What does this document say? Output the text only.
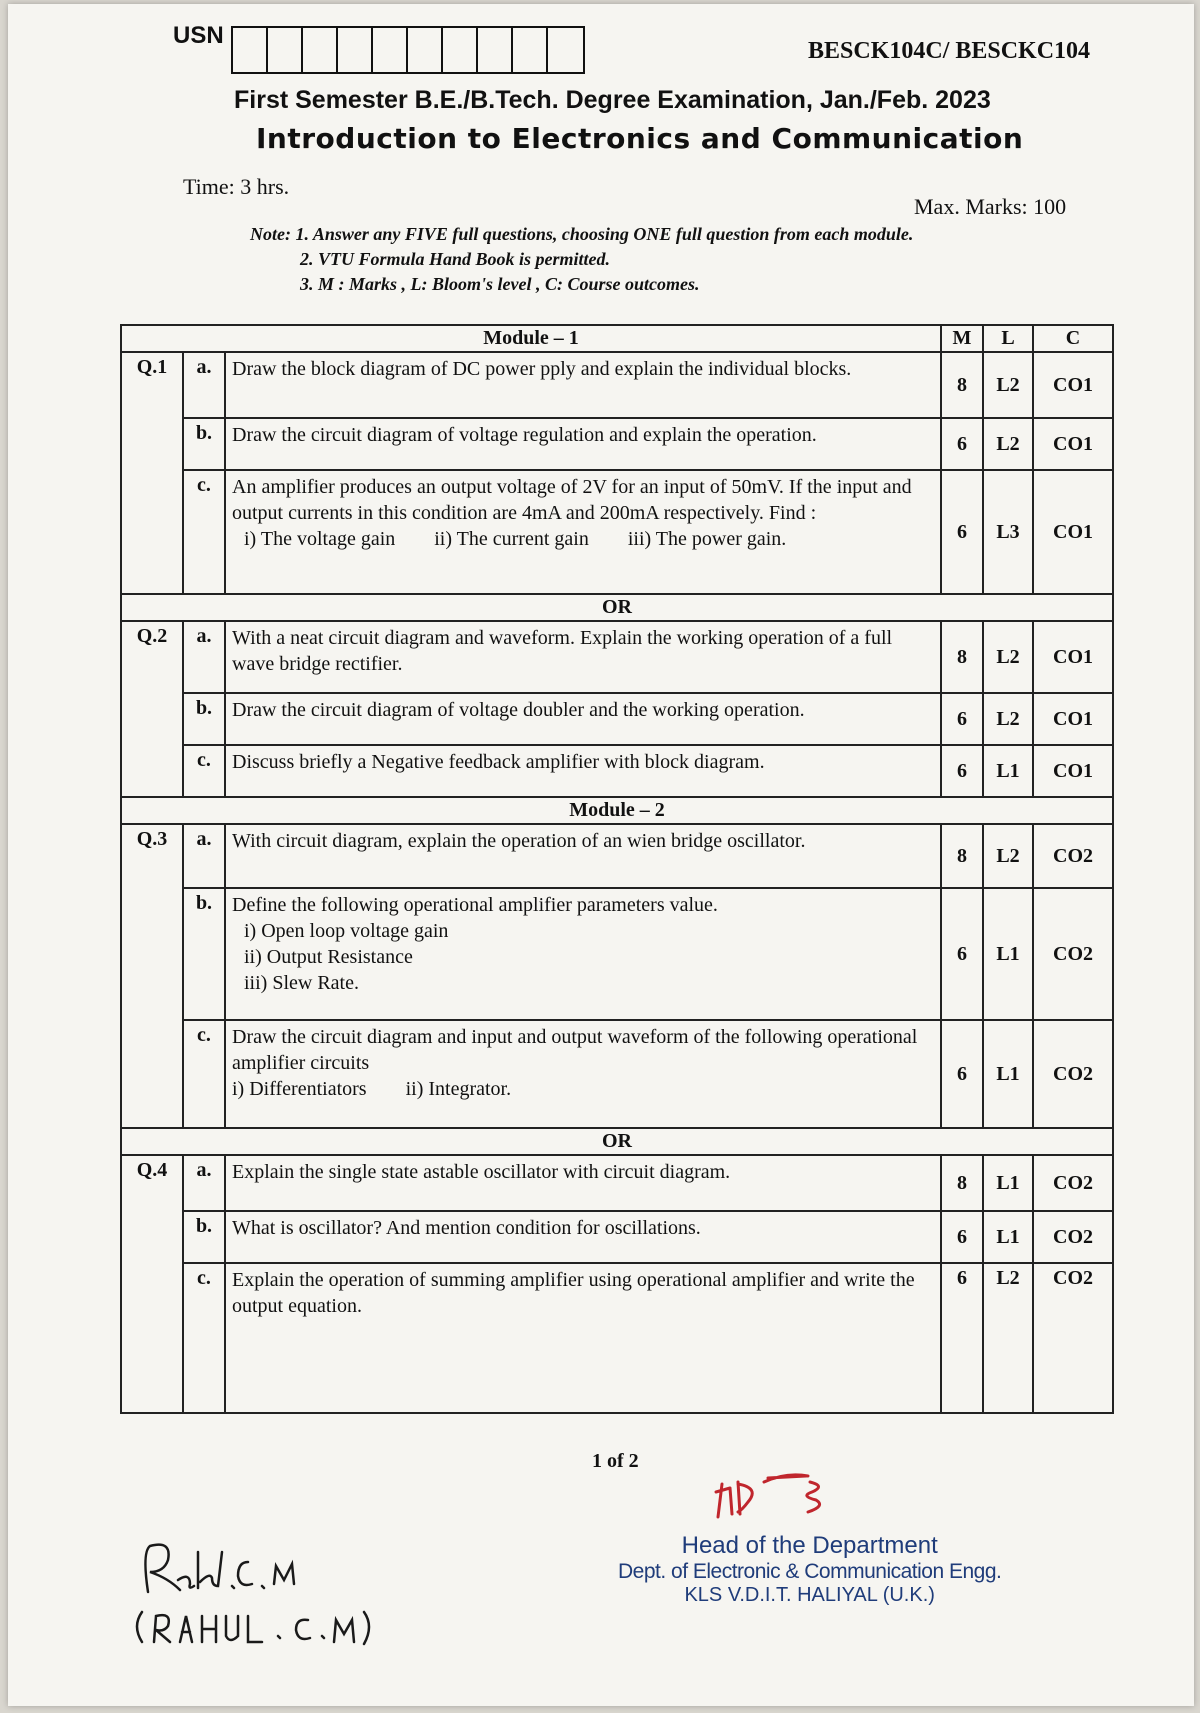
USN
BESCK104C/ BESCKC104
First Semester B.E./B.Tech. Degree Examination, Jan./Feb. 2023
Introduction to Electronics and Communication
Time: 3 hrs.
Max. Marks: 100
Note: 1. Answer any FIVE full questions, choosing ONE full question from each module.
2. VTU Formula Hand Book is permitted.
3. M : Marks , L: Bloom's level , C: Course outcomes.
Module – 1			M	L	C
Q.1	a.	Draw the block diagram of DC power pply and explain the individual blocks.	8	L2	CO1
	b.	Draw the circuit diagram of voltage regulation and explain the operation.	6	L2	CO1
	c.	An amplifier produces an output voltage of 2V for an input of 50mV. If the input and output currents in this condition are 4mA and 200mA respectively. Find :
i) The voltage gain ii) The current gain iii) The power gain.	6	L3	CO1
OR					
Q.2	a.	With a neat circuit diagram and waveform. Explain the working operation of a full wave bridge rectifier.	8	L2	CO1
	b.	Draw the circuit diagram of voltage doubler and the working operation.	6	L2	CO1
	c.	Discuss briefly a Negative feedback amplifier with block diagram.	6	L1	CO1
Module – 2					
Q.3	a.	With circuit diagram, explain the operation of an wien bridge oscillator.	8	L2	CO2
	b.	Define the following operational amplifier parameters value.
i) Open loop voltage gain
ii) Output Resistance
iii) Slew Rate.	6	L1	CO2
	c.	Draw the circuit diagram and input and output waveform of the following operational amplifier circuits
i) Differentiators ii) Integrator.	6	L1	CO2
OR					
Q.4	a.	Explain the single state astable oscillator with circuit diagram.	8	L1	CO2
	b.	What is oscillator? And mention condition for oscillations.	6	L1	CO2
	c.	Explain the operation of summing amplifier using operational amplifier and write the output equation.	6	L2	CO2
1 of 2
Head of the Department
Dept. of Electronic & Communication Engg.
KLS V.D.I.T. HALIYAL (U.K.)
